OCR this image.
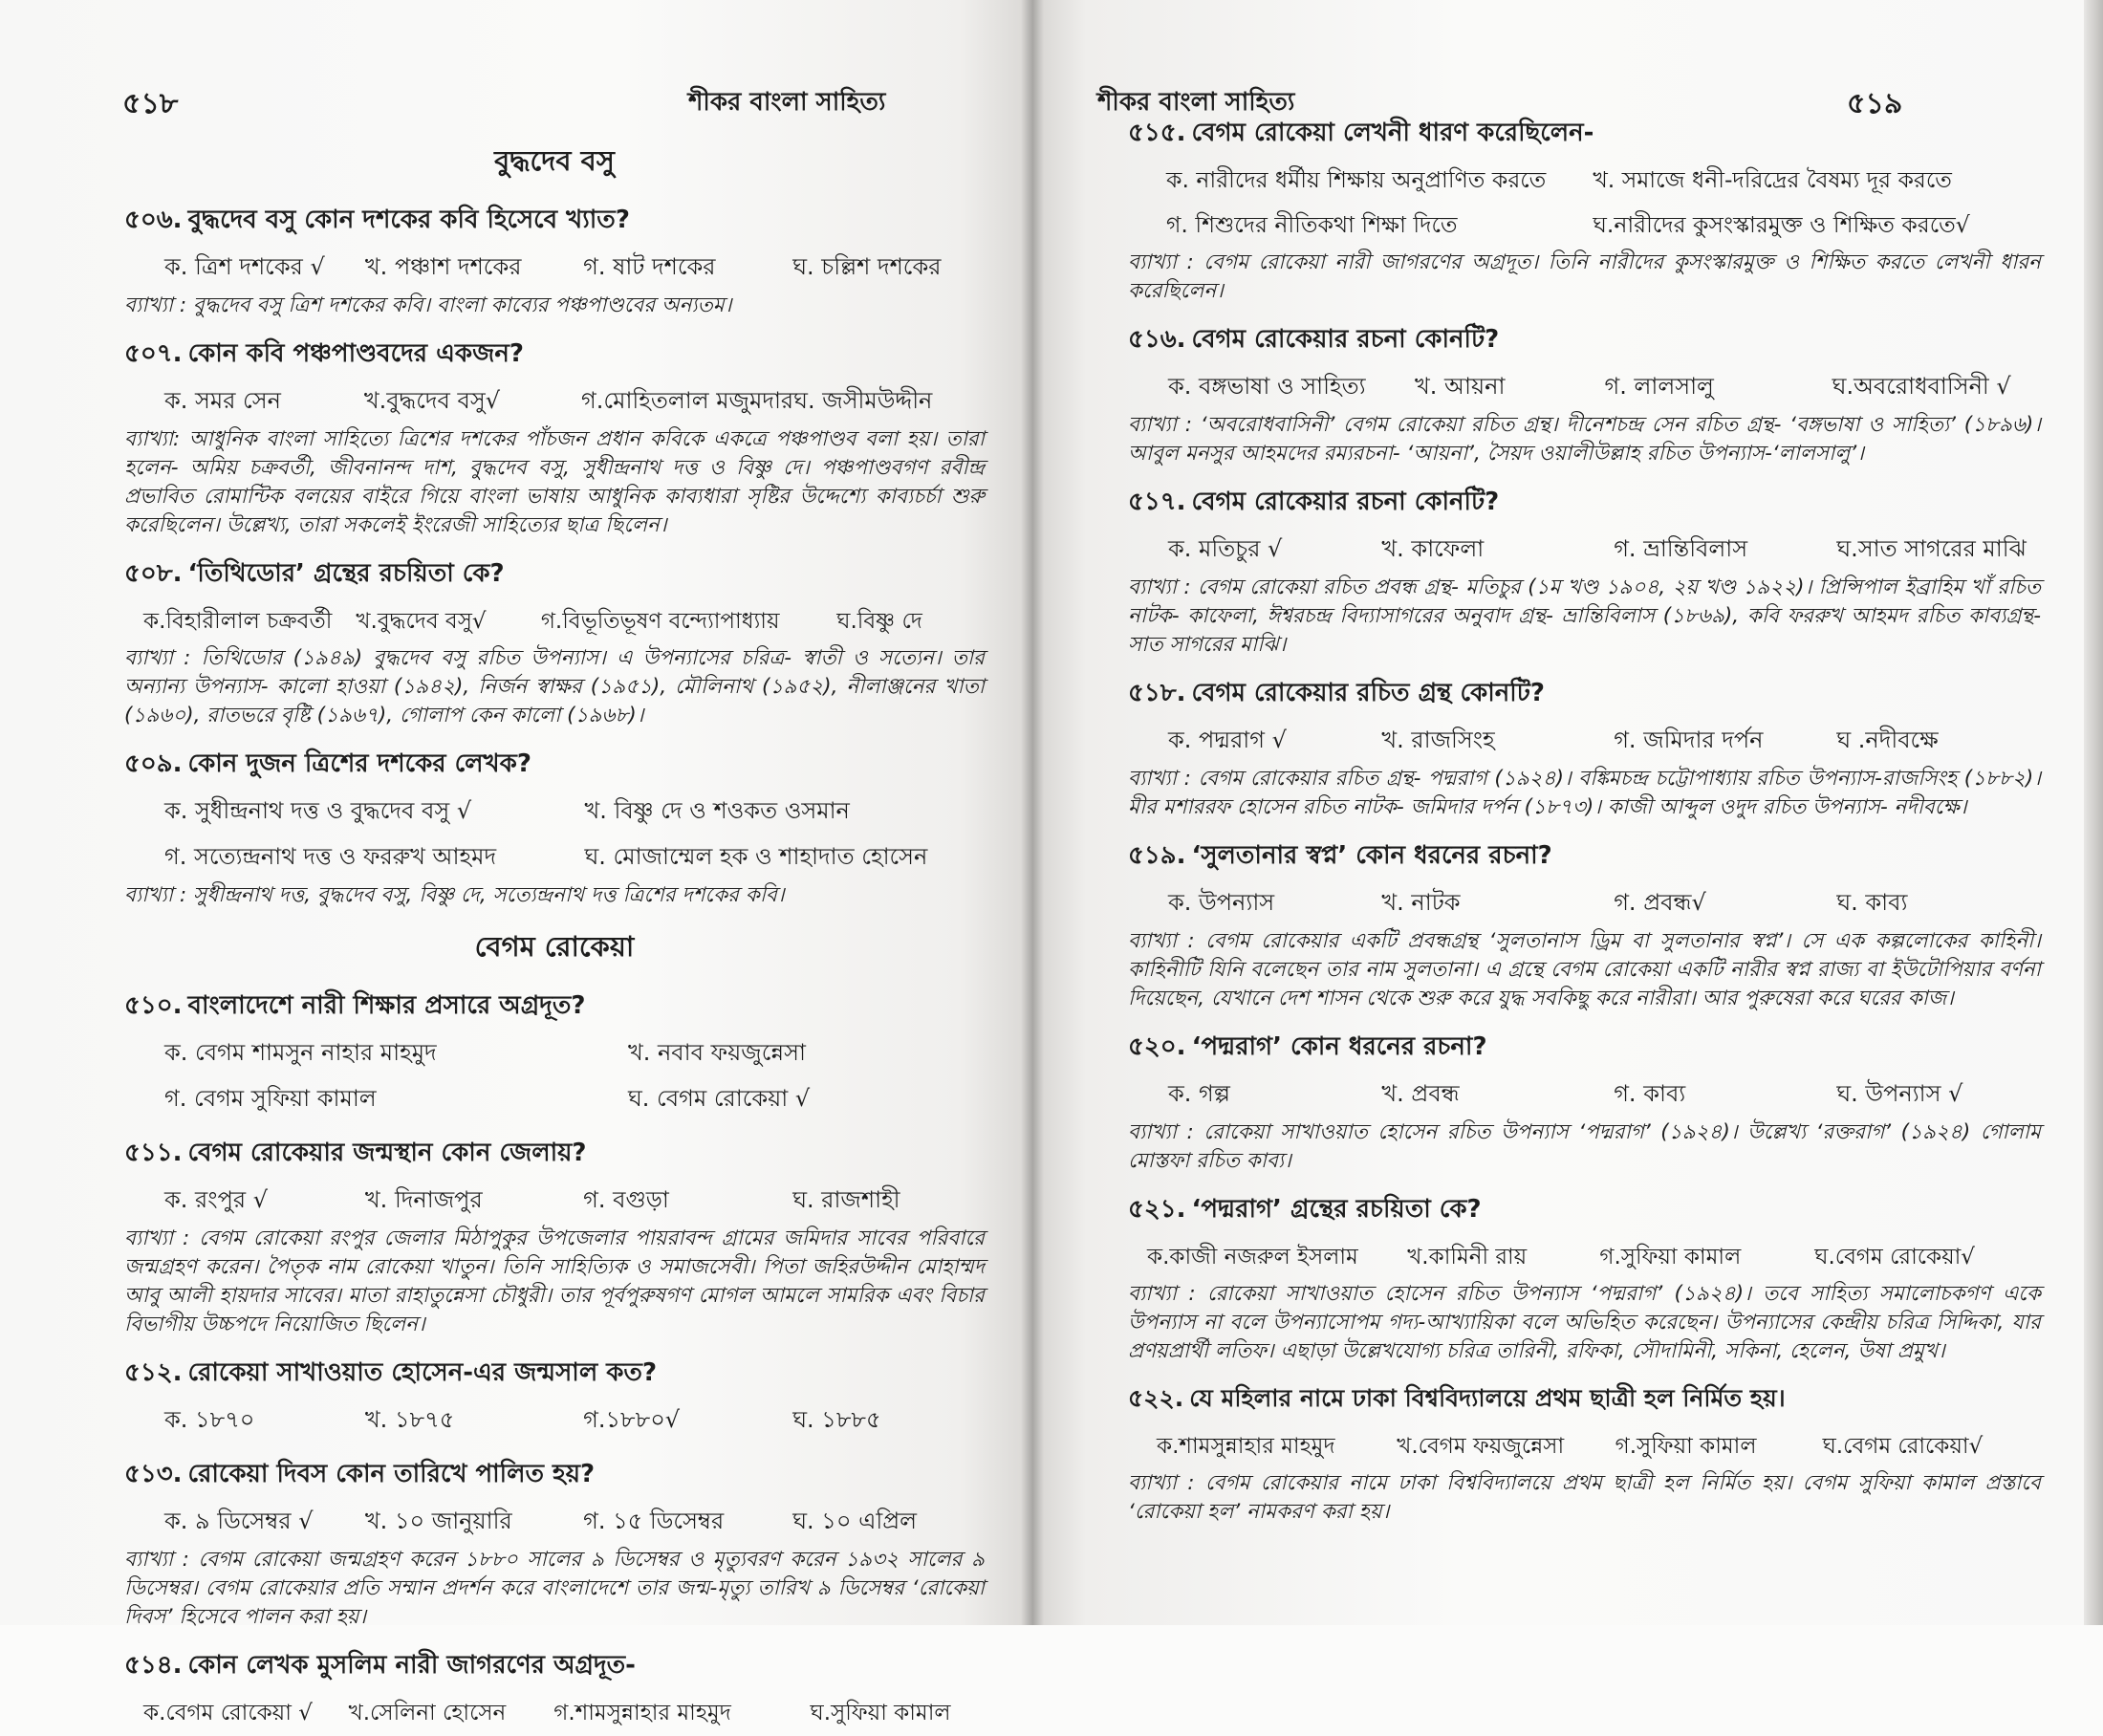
৫১৮	শীকর বাংলা সাহিত্য
বুদ্ধদেব বসু
৫০৬. বুদ্ধদেব বসু কোন দশকের কবি হিসেবে খ্যাত?
ক. ত্রিশ দশকের √	খ. পঞ্চাশ দশকের	গ. ষাট দশকের	ঘ. চল্লিশ দশকের
ব্যাখ্যা : বুদ্ধদেব বসু ত্রিশ দশকের কবি। বাংলা কাব্যের পঞ্চপাণ্ডবের অন্যতম।
৫০৭. কোন কবি পঞ্চপাণ্ডবদের একজন?
ক. সমর সেন	খ.বুদ্ধদেব বসু√	গ.মোহিতলাল মজুমদার ঘ. জসীমউদ্দীন
ব্যাখ্যা: আধুনিক বাংলা সাহিত্যে ত্রিশের দশকের পাঁচজন প্রধান কবিকে একত্রে পঞ্চপাণ্ডব বলা হয়। তারা হলেন- অমিয় চক্রবর্তী, জীবনানন্দ দাশ, বুদ্ধদেব বসু, সুধীন্দ্রনাথ দত্ত ও বিষ্ণু দে। পঞ্চপাণ্ডবগণ রবীন্দ্র প্রভাবিত রোমান্টিক বলয়ের বাইরে গিয়ে বাংলা ভাষায় আধুনিক কাব্যধারা সৃষ্টির উদ্দেশ্যে কাব্যচর্চা শুরু করেছিলেন। উল্লেখ্য, তারা সকলেই ইংরেজী সাহিত্যের ছাত্র ছিলেন।
৫০৮. ‘তিথিডোর’ গ্রন্থের রচয়িতা কে?
ক.বিহারীলাল চক্রবর্তী	খ.বুদ্ধদেব বসু√	গ.বিভূতিভূষণ বন্দ্যোপাধ্যায়	ঘ.বিষ্ণু দে
ব্যাখ্যা : তিথিডোর (১৯৪৯) বুদ্ধদেব বসু রচিত উপন্যাস। এ উপন্যাসের চরিত্র- স্বাতী ও সত্যেন। তার অন্যান্য উপন্যাস- কালো হাওয়া (১৯৪২), নির্জন স্বাক্ষর (১৯৫১), মৌলিনাথ (১৯৫২), নীলাঞ্জনের খাতা (১৯৬০), রাতভরে বৃষ্টি (১৯৬৭), গোলাপ কেন কালো (১৯৬৮)।
৫০৯. কোন দুজন ত্রিশের দশকের লেখক?
ক. সুধীন্দ্রনাথ দত্ত ও বুদ্ধদেব বসু √	খ. বিষ্ণু দে ও শওকত ওসমান
গ. সত্যেন্দ্রনাথ দত্ত ও ফররুখ আহমদ	ঘ. মোজাম্মেল হক ও শাহাদাত হোসেন
ব্যাখ্যা : সুধীন্দ্রনাথ দত্ত, বুদ্ধদেব বসু, বিষ্ণু দে, সত্যেন্দ্রনাথ দত্ত ত্রিশের দশকের কবি।
বেগম রোকেয়া
৫১০. বাংলাদেশে নারী শিক্ষার প্রসারে অগ্রদূত?
ক. বেগম শামসুন নাহার মাহমুদ	খ. নবাব ফয়জুন্নেসা
গ. বেগম সুফিয়া কামাল	ঘ. বেগম রোকেয়া √
৫১১. বেগম রোকেয়ার জন্মস্থান কোন জেলায়?
ক. রংপুর √	খ. দিনাজপুর	গ. বগুড়া	ঘ. রাজশাহী
ব্যাখ্যা : বেগম রোকেয়া রংপুর জেলার মিঠাপুকুর উপজেলার পায়রাবন্দ গ্রামের জমিদার সাবের পরিবারে জন্মগ্রহণ করেন। পৈতৃক নাম রোকেয়া খাতুন। তিনি সাহিত্যিক ও সমাজসেবী। পিতা জহিরউদ্দীন মোহাম্মদ আবু আলী হায়দার সাবের। মাতা রাহাতুন্নেসা চৌধুরী। তার পূর্বপুরুষগণ মোগল আমলে সামরিক এবং বিচার বিভাগীয় উচ্চপদে নিয়োজিত ছিলেন।
৫১২. রোকেয়া সাখাওয়াত হোসেন-এর জন্মসাল কত?
ক. ১৮৭০	খ. ১৮৭৫	গ.১৮৮০√	ঘ. ১৮৮৫
৫১৩. রোকেয়া দিবস কোন তারিখে পালিত হয়?
ক. ৯ ডিসেম্বর √	খ. ১০ জানুয়ারি	গ. ১৫ ডিসেম্বর	ঘ. ১০ এপ্রিল
ব্যাখ্যা : বেগম রোকেয়া জন্মগ্রহণ করেন ১৮৮০ সালের ৯ ডিসেম্বর ও মৃত্যুবরণ করেন ১৯৩২ সালের ৯ ডিসেম্বর। বেগম রোকেয়ার প্রতি সম্মান প্রদর্শন করে বাংলাদেশে তার জন্ম-মৃত্যু তারিখ ৯ ডিসেম্বর ‘রোকেয়া দিবস’ হিসেবে পালন করা হয়।
৫১৪. কোন লেখক মুসলিম নারী জাগরণের অগ্রদূত-
ক.বেগম রোকেয়া √	খ.সেলিনা হোসেন	গ.শামসুন্নাহার মাহমুদ	ঘ.সুফিয়া কামাল
শীকর বাংলা সাহিত্য	৫১৯
৫১৫. বেগম রোকেয়া লেখনী ধারণ করেছিলেন-
ক. নারীদের ধর্মীয় শিক্ষায় অনুপ্রাণিত করতে	খ. সমাজে ধনী-দরিদ্রের বৈষম্য দূর করতে
গ. শিশুদের নীতিকথা শিক্ষা দিতে	ঘ.নারীদের কুসংস্কারমুক্ত ও শিক্ষিত করতে√
ব্যাখ্যা : বেগম রোকেয়া নারী জাগরণের অগ্রদূত। তিনি নারীদের কুসংস্কারমুক্ত ও শিক্ষিত করতে লেখনী ধারন করেছিলেন।
৫১৬. বেগম রোকেয়ার রচনা কোনটি?
ক. বঙ্গভাষা ও সাহিত্য	খ. আয়না	গ. লালসালু	ঘ.অবরোধবাসিনী √
ব্যাখ্যা : ‘অবরোধবাসিনী’ বেগম রোকেয়া রচিত গ্রন্থ। দীনেশচন্দ্র সেন রচিত গ্রন্থ- ‘বঙ্গভাষা ও সাহিত্য’ (১৮৯৬)। আবুল মনসুর আহমদের রম্যরচনা- ‘আয়না’, সৈয়দ ওয়ালীউল্লাহ রচিত উপন্যাস-‘লালসালু’।
৫১৭. বেগম রোকেয়ার রচনা কোনটি?
ক. মতিচুর √	খ. কাফেলা	গ. ভ্রান্তিবিলাস	ঘ.সাত সাগরের মাঝি
ব্যাখ্যা : বেগম রোকেয়া রচিত প্রবন্ধ গ্রন্থ- মতিচুর (১ম খণ্ড ১৯০৪, ২য় খণ্ড ১৯২২)। প্রিন্সিপাল ইব্রাহিম খাঁ রচিত নাটক- কাফেলা, ঈশ্বরচন্দ্র বিদ্যাসাগরের অনুবাদ গ্রন্থ- ভ্রান্তিবিলাস (১৮৬৯), কবি ফররুখ আহমদ রচিত কাব্যগ্রন্থ- সাত সাগরের মাঝি।
৫১৮. বেগম রোকেয়ার রচিত গ্রন্থ কোনটি?
ক. পদ্মরাগ √	খ. রাজসিংহ	গ. জমিদার দর্পন	ঘ .নদীবক্ষে
ব্যাখ্যা : বেগম রোকেয়ার রচিত গ্রন্থ- পদ্মরাগ (১৯২৪)। বঙ্কিমচন্দ্র চট্টোপাধ্যায় রচিত উপন্যাস-রাজসিংহ (১৮৮২)। মীর মশাররফ হোসেন রচিত নাটক- জমিদার দর্পন (১৮৭৩)। কাজী আব্দুল ওদুদ রচিত উপন্যাস- নদীবক্ষে।
৫১৯. ‘সুলতানার স্বপ্ন’ কোন ধরনের রচনা?
ক. উপন্যাস	খ. নাটক	গ. প্রবন্ধ√	ঘ. কাব্য
ব্যাখ্যা : বেগম রোকেয়ার একটি প্রবন্ধগ্রন্থ ‘সুলতানাস ড্রিম বা সুলতানার স্বপ্ন’। সে এক কল্পলোকের কাহিনী। কাহিনীটি যিনি বলেছেন তার নাম সুলতানা। এ গ্রন্থে বেগম রোকেয়া একটি নারীর স্বপ্ন রাজ্য বা ইউটোপিয়ার বর্ণনা দিয়েছেন, যেখানে দেশ শাসন থেকে শুরু করে যুদ্ধ সবকিছু করে নারীরা। আর পুরুষেরা করে ঘরের কাজ।
৫২০. ‘পদ্মরাগ’ কোন ধরনের রচনা?
ক. গল্প	খ. প্রবন্ধ	গ. কাব্য	ঘ. উপন্যাস √
ব্যাখ্যা : রোকেয়া সাখাওয়াত হোসেন রচিত উপন্যাস ‘পদ্মরাগ’ (১৯২৪)। উল্লেখ্য ‘রক্তরাগ’ (১৯২৪) গোলাম মোস্তফা রচিত কাব্য।
৫২১. ‘পদ্মরাগ’ গ্রন্থের রচয়িতা কে?
ক.কাজী নজরুল ইসলাম	খ.কামিনী রায়	গ.সুফিয়া কামাল	ঘ.বেগম রোকেয়া√
ব্যাখ্যা : রোকেয়া সাখাওয়াত হোসেন রচিত উপন্যাস ‘পদ্মরাগ’ (১৯২৪)। তবে সাহিত্য সমালোচকগণ একে উপন্যাস না বলে উপন্যাসোপম গদ্য-আখ্যায়িকা বলে অভিহিত করেছেন। উপন্যাসের কেন্দ্রীয় চরিত্র সিদ্দিকা, যার প্রণয়প্রার্থী লতিফ। এছাড়া উল্লেখযোগ্য চরিত্র তারিনী, রফিকা, সৌদামিনী, সকিনা, হেলেন, উষা প্রমুখ।
৫২২. যে মহিলার নামে ঢাকা বিশ্ববিদ্যালয়ে প্রথম ছাত্রী হল নির্মিত হয়।
ক.শামসুন্নাহার মাহমুদ	খ.বেগম ফয়জুন্নেসা	গ.সুফিয়া কামাল	ঘ.বেগম রোকেয়া√
ব্যাখ্যা : বেগম রোকেয়ার নামে ঢাকা বিশ্ববিদ্যালয়ে প্রথম ছাত্রী হল নির্মিত হয়। বেগম সুফিয়া কামাল প্রস্তাবে ‘রোকেয়া হল’ নামকরণ করা হয়।
